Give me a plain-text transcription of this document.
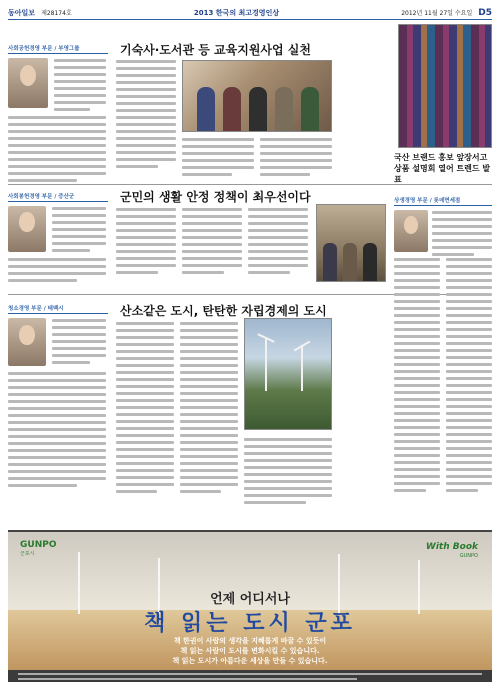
동아일보 제28174호	2013 한국의 최고경영인상	2012년 11월 27일 수요일 D5
사회공헌경영 부문 / 부영그룹	기숙사·도서관 등 교육지원사업 실천
국산 브랜드 홍보 앞장서고
상품 설명회 열어 트렌드 발표
사회봉헌경영 부문 / 증산군	군민의 생활 안정 정책이 최우선이다
청소경영 부문 / 태백시	산소같은 도시, 탄탄한 자립경제의 도시
상생경영 부문 / 롯데면세점
GUNPO
군포시
With Book
GUNPO
언제 어디서나
책 읽는 도시 군포
책 한권이 사람의 생각을 지혜롭게 바꿀 수 있듯이
책 읽는 사람이 도시를 변화시킬 수 있습니다.
책 읽는 도시가 아름다운 세상을 만들 수 있습니다.
